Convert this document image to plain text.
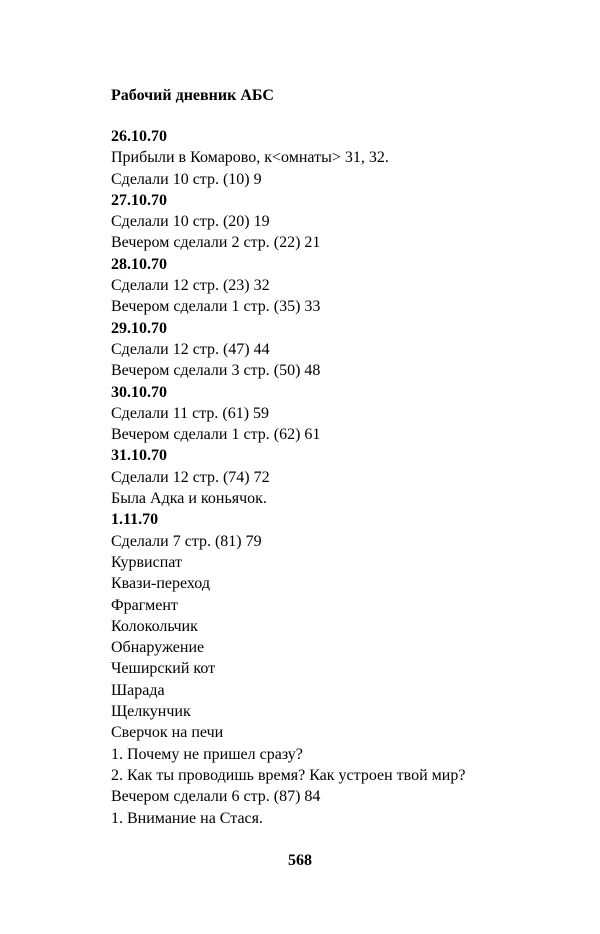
Рабочий дневник АБС
26.10.70
Прибыли в Комарово, к<омнаты> 31, 32.
Сделали 10 стр. (10) 9
27.10.70
Сделали 10 стр. (20) 19
Вечером сделали 2 стр. (22) 21
28.10.70
Сделали 12 стр. (23) 32
Вечером сделали 1 стр. (35) 33
29.10.70
Сделали 12 стр. (47) 44
Вечером сделали 3 стр. (50) 48
30.10.70
Сделали 11 стр. (61) 59
Вечером сделали 1 стр. (62) 61
31.10.70
Сделали 12 стр. (74) 72
Была Адка и коньячок.
1.11.70
Сделали 7 стр. (81) 79
Курвиспат
Квази-переход
Фрагмент
Колокольчик
Обнаружение
Чеширский кот
Шарада
Щелкунчик
Сверчок на печи
1. Почему не пришел сразу?
2. Как ты проводишь время? Как устроен твой мир?
Вечером сделали 6 стр. (87) 84
1. Внимание на Стася.
568
